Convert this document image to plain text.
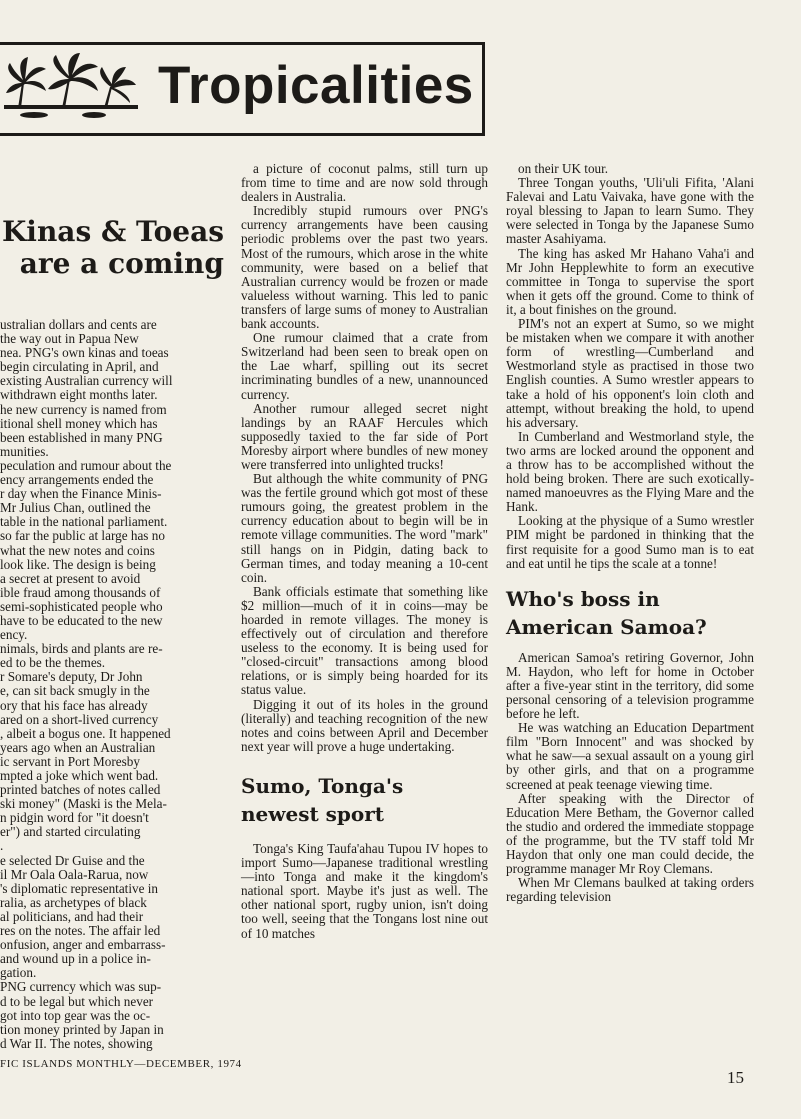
Tropicalities
Kinas & Toeas
are a coming

ustralian dollars and cents are

the way out in Papua New

nea. PNG's own kinas and toeas

begin circulating in April, and

existing Australian currency will

withdrawn eight months later.

he new currency is named from

itional shell money which has

been established in many PNG

munities.

peculation and rumour about the

ency arrangements ended the

r day when the Finance Minis-

Mr Julius Chan, outlined the

table in the national parliament.

so far the public at large has no

what the new notes and coins

look like. The design is being

a secret at present to avoid

ible fraud among thousands of

semi-sophisticated people who

have to be educated to the new

ency.

nimals, birds and plants are re-

ed to be the themes.

r Somare's deputy, Dr John

e, can sit back smugly in the

ory that his face has already

ared on a short-lived currency

, albeit a bogus one. It happened

years ago when an Australian

ic servant in Port Moresby

mpted a joke which went bad.

printed batches of notes called

ski money" (Maski is the Mela-

n pidgin word for "it doesn't

er") and started circulating

.

e selected Dr Guise and the

il Mr Oala Oala-Rarua, now

's diplomatic representative in

ralia, as archetypes of black

al politicians, and had their

res on the notes. The affair led

onfusion, anger and embarrass-

and wound up in a police in-

gation.

PNG currency which was sup-

d to be legal but which never

got into top gear was the oc-

tion money printed by Japan in

d War II. The notes, showing

a picture of coconut palms, still turn up from time to time and are now sold through dealers in Australia.

Incredibly stupid rumours over PNG's currency arrangements have been causing periodic problems over the past two years. Most of the rumours, which arose in the white community, were based on a belief that Australian currency would be frozen or made valueless without warning. This led to panic transfers of large sums of money to Australian bank accounts.

One rumour claimed that a crate from Switzerland had been seen to break open on the Lae wharf, spilling out its secret incriminating bundles of a new, unannounced currency.

Another rumour alleged secret night landings by an RAAF Hercules which supposedly taxied to the far side of Port Moresby airport where bundles of new money were transferred into unlighted trucks!

But although the white community of PNG was the fertile ground which got most of these rumours going, the greatest problem in the currency education about to begin will be in remote village communities. The word "mark" still hangs on in Pidgin, dating back to German times, and today meaning a 10-cent coin.

Bank officials estimate that something like $2 million—much of it in coins—may be hoarded in remote villages. The money is effectively out of circulation and therefore useless to the economy. It is being used for "closed-circuit" transactions among blood relations, or is simply being hoarded for its status value.

Digging it out of its holes in the ground (literally) and teaching recognition of the new notes and coins between April and December next year will prove a huge undertaking.

Sumo, Tonga's
newest sport

Tonga's King Taufa'ahau Tupou IV hopes to import Sumo—Japanese traditional wrestling—into Tonga and make it the kingdom's national sport. Maybe it's just as well. The other national sport, rugby union, isn't doing too well, seeing that the Tongans lost nine out of 10 matches

on their UK tour.

Three Tongan youths, 'Uli'uli Fifita, 'Alani Falevai and Latu Vaivaka, have gone with the royal blessing to Japan to learn Sumo. They were selected in Tonga by the Japanese Sumo master Asahiyama.

The king has asked Mr Hahano Vaha'i and Mr John Hepplewhite to form an executive committee in Tonga to supervise the sport when it gets off the ground. Come to think of it, a bout finishes on the ground.

PIM's not an expert at Sumo, so we might be mistaken when we compare it with another form of wrestling—Cumberland and Westmorland style as practised in those two English counties. A Sumo wrestler appears to take a hold of his opponent's loin cloth and attempt, without breaking the hold, to upend his adversary.

In Cumberland and Westmorland style, the two arms are locked around the opponent and a throw has to be accomplished without the hold being broken. There are such exotically-named manoeuvres as the Flying Mare and the Hank.

Looking at the physique of a Sumo wrestler PIM might be pardoned in thinking that the first requisite for a good Sumo man is to eat and eat until he tips the scale at a tonne!

Who's boss in
American Samoa?

American Samoa's retiring Governor, John M. Haydon, who left for home in October after a five-year stint in the territory, did some personal censoring of a television programme before he left.

He was watching an Education Department film "Born Innocent" and was shocked by what he saw—a sexual assault on a young girl by other girls, and that on a programme screened at peak teenage viewing time.

After speaking with the Director of Education Mere Betham, the Governor called the studio and ordered the immediate stoppage of the programme, but the TV staff told Mr Haydon that only one man could decide, the programme manager Mr Roy Clemans.

When Mr Clemans baulked at taking orders regarding television

FIC ISLANDS MONTHLY—DECEMBER, 1974
15
